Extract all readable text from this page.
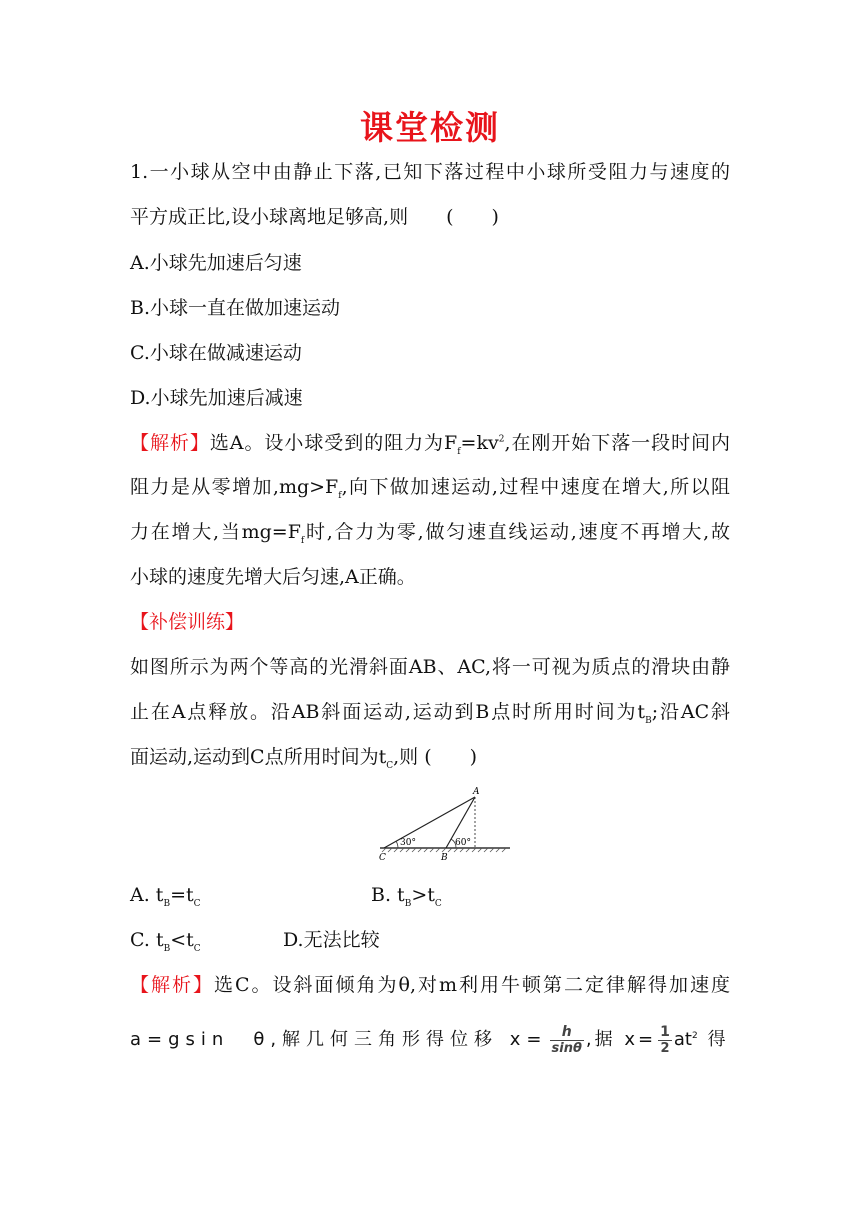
课堂检测
1.一小球从空中由静止下落,已知下落过程中小球所受阻力与速度的
平方成正比,设小球离地足够高,则　　(　　)
A.小球先加速后匀速
B.小球一直在做加速运动
C.小球在做减速运动
D.小球先加速后减速
【解析】选A。设小球受到的阻力为$F_f=kv^2$,在刚开始下落一段时间内
阻力是从零增加$,mg>F_f$,向下做加速运动,过程中速度在增大,所以阻
力在增大,当$mg=F_f$时,合力为零,做匀速直线运动,速度不再增大,故
小球的速度先增大后匀速,A正确。
【补偿训练】
如图所示为两个等高的光滑斜面AB、AC,将一可视为质点的滑块由静
止在A点释放。沿AB斜面运动,运动到B点时所用时间为$t_B$;沿AC斜
面运动,运动到C点所用时间为$t_C$,则 (　　)
30°	60°
A
B
C
A. $t_B=t_C$	B. $t_B>t_C$
C. $t_B<t_C$	D.无法比较
【解析】选C。设斜面倾角为θ,对m利用牛顿第二定律解得加速度
a=gsin　θ,解几何三角形得位移 $x= \frac{h}{\sin\theta}$ ,据 $x= \frac{1}{2} at^2$ 得
